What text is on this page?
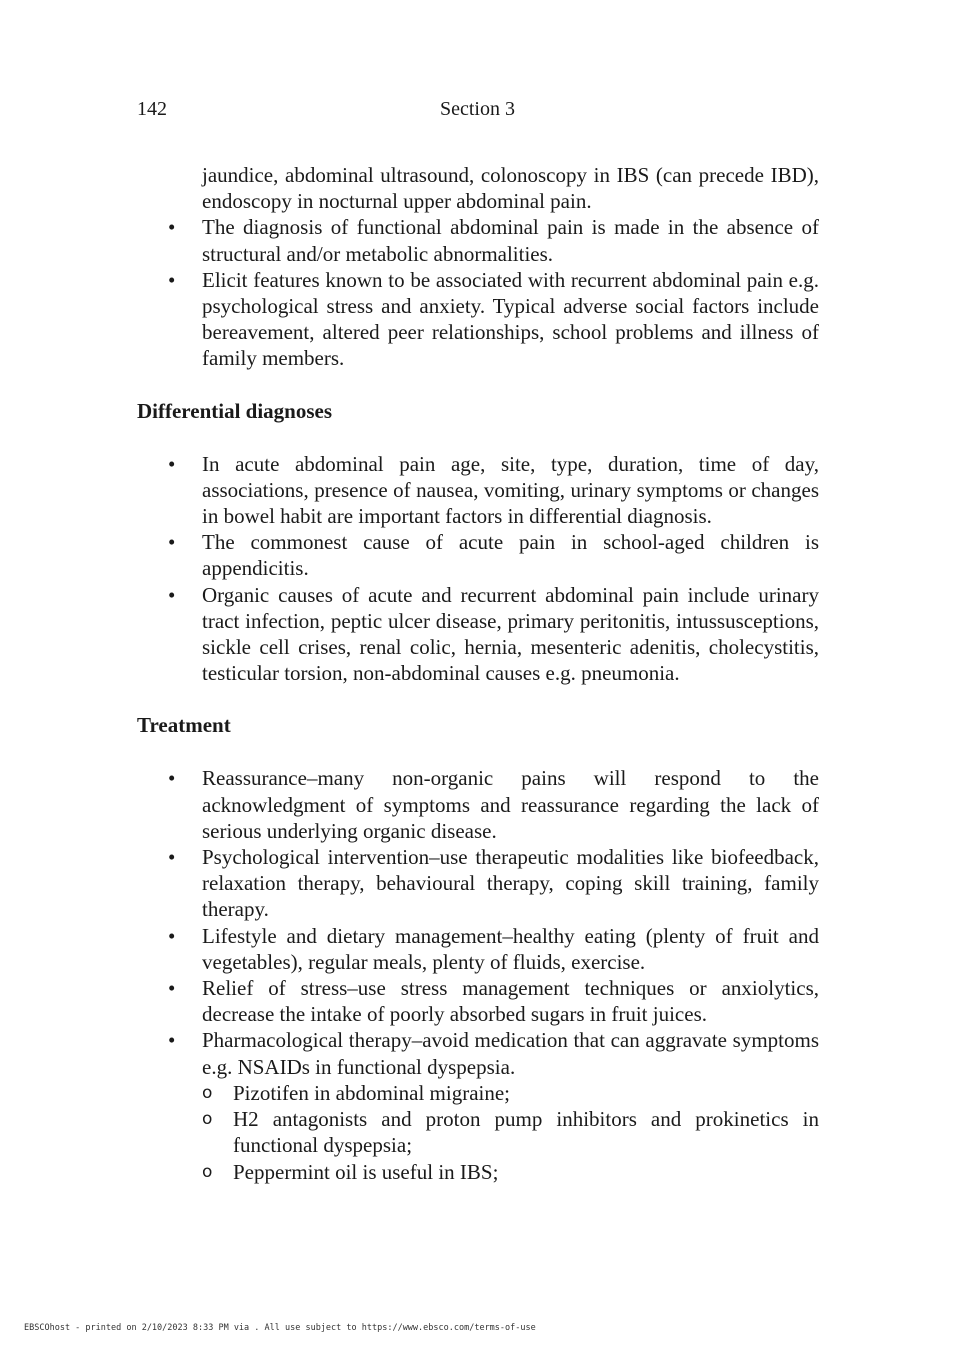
142	Section 3
jaundice, abdominal ultrasound, colonoscopy in IBS (can precede IBD), endoscopy in nocturnal upper abdominal pain.
• The diagnosis of functional abdominal pain is made in the absence of structural and/or metabolic abnormalities.
• Elicit features known to be associated with recurrent abdominal pain e.g. psychological stress and anxiety. Typical adverse social factors include bereavement, altered peer relationships, school problems and illness of family members.
Differential diagnoses
• In acute abdominal pain age, site, type, duration, time of day, associations, presence of nausea, vomiting, urinary symptoms or changes in bowel habit are important factors in differential diagnosis.
• The commonest cause of acute pain in school-aged children is appendicitis.
• Organic causes of acute and recurrent abdominal pain include urinary tract infection, peptic ulcer disease, primary peritonitis, intussusceptions, sickle cell crises, renal colic, hernia, mesenteric adenitis, cholecystitis, testicular torsion, non-abdominal causes e.g. pneumonia.
Treatment
• Reassurance–many non-organic pains will respond to the acknowledgment of symptoms and reassurance regarding the lack of serious underlying organic disease.
• Psychological intervention–use therapeutic modalities like biofeedback, relaxation therapy, behavioural therapy, coping skill training, family therapy.
• Lifestyle and dietary management–healthy eating (plenty of fruit and vegetables), regular meals, plenty of fluids, exercise.
• Relief of stress–use stress management techniques or anxiolytics, decrease the intake of poorly absorbed sugars in fruit juices.
• Pharmacological therapy–avoid medication that can aggravate symptoms e.g. NSAIDs in functional dyspepsia.
o Pizotifen in abdominal migraine;
o H2 antagonists and proton pump inhibitors and prokinetics in functional dyspepsia;
o Peppermint oil is useful in IBS;
EBSCOhost - printed on 2/10/2023 8:33 PM via . All use subject to https://www.ebsco.com/terms-of-use
